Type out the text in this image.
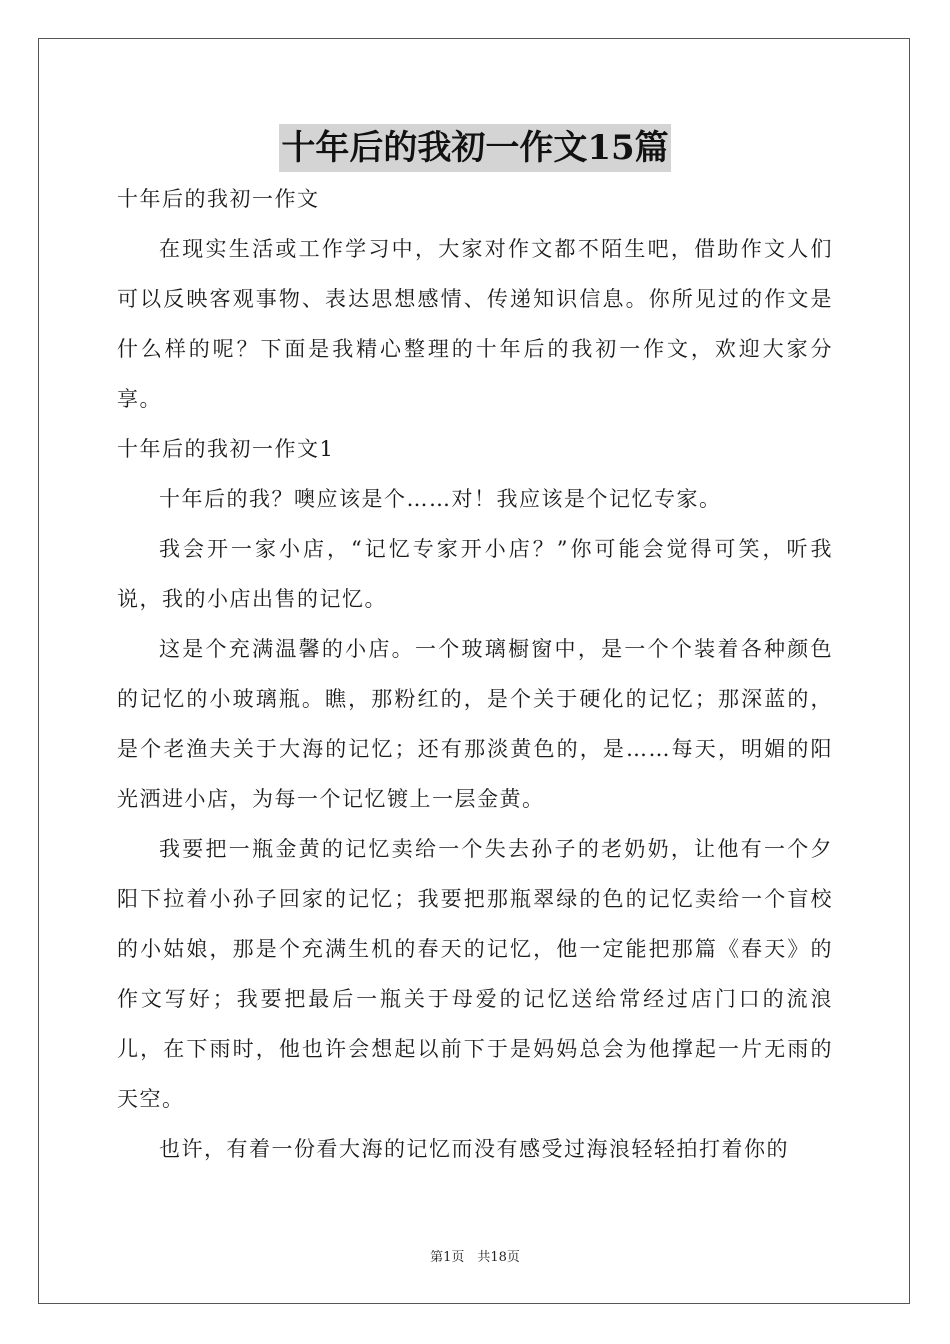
十年后的我初一作文15篇

十年后的我初一作文

在现实生活或工作学习中，大家对作文都不陌生吧，借助作文人们可以反映客观事物、表达思想感情、传递知识信息。你所见过的作文是什么样的呢？下面是我精心整理的十年后的我初一作文，欢迎大家分享。

十年后的我初一作文1

十年后的我？噢应该是个……对！我应该是个记忆专家。

我会开一家小店，“记忆专家开小店？”你可能会觉得可笑，听我说，我的小店出售的记忆。

这是个充满温馨的小店。一个玻璃橱窗中，是一个个装着各种颜色的记忆的小玻璃瓶。瞧，那粉红的，是个关于硬化的记忆；那深蓝的，是个老渔夫关于大海的记忆；还有那淡黄色的，是……每天，明媚的阳光洒进小店，为每一个记忆镀上一层金黄。

我要把一瓶金黄的记忆卖给一个失去孙子的老奶奶，让他有一个夕阳下拉着小孙子回家的记忆；我要把那瓶翠绿的色的记忆卖给一个盲校的小姑娘，那是个充满生机的春天的记忆，他一定能把那篇《春天》的作文写好；我要把最后一瓶关于母爱的记忆送给常经过店门口的流浪儿，在下雨时，他也许会想起以前下于是妈妈总会为他撑起一片无雨的天空。

也许，有着一份看大海的记忆而没有感受过海浪轻轻拍打着你的

第1页　共18页
